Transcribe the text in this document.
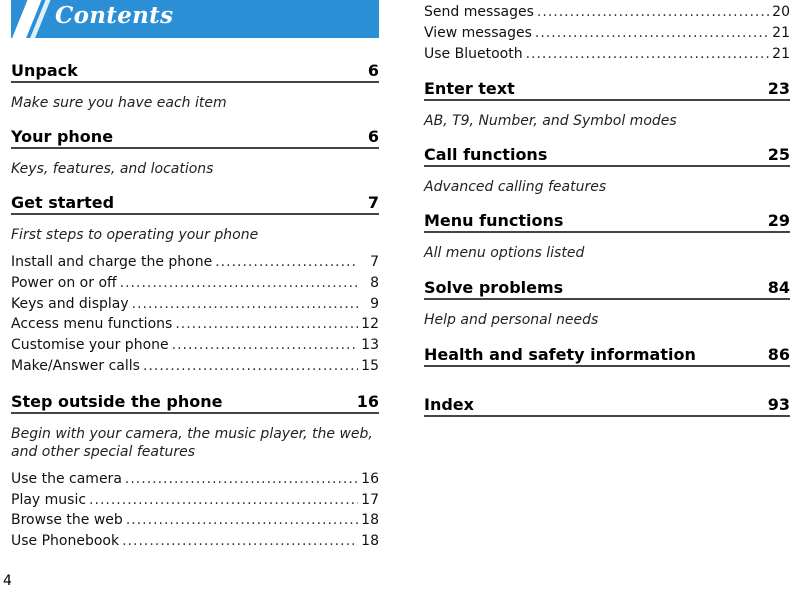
Contents
Unpack	6
Make sure you have each item
Your phone	6
Keys, features, and locations
Get started	7
First steps to operating your phone
Install and charge the phone .....	7
Power on or off .....	8
Keys and display .....	9
Access menu functions .....	12
Customise your phone .....	13
Make/Answer calls .....	15
Step outside the phone	16
Begin with your camera, the music player, the web, and other special features
Use the camera .....	16
Play music .....	17
Browse the web .....	18
Use Phonebook .....	18
Send messages .....	20
View messages .....	21
Use Bluetooth .....	21
Enter text	23
AB, T9, Number, and Symbol modes
Call functions	25
Advanced calling features
Menu functions	29
All menu options listed
Solve problems	84
Help and personal needs
Health and safety information	86
Index	93
4
